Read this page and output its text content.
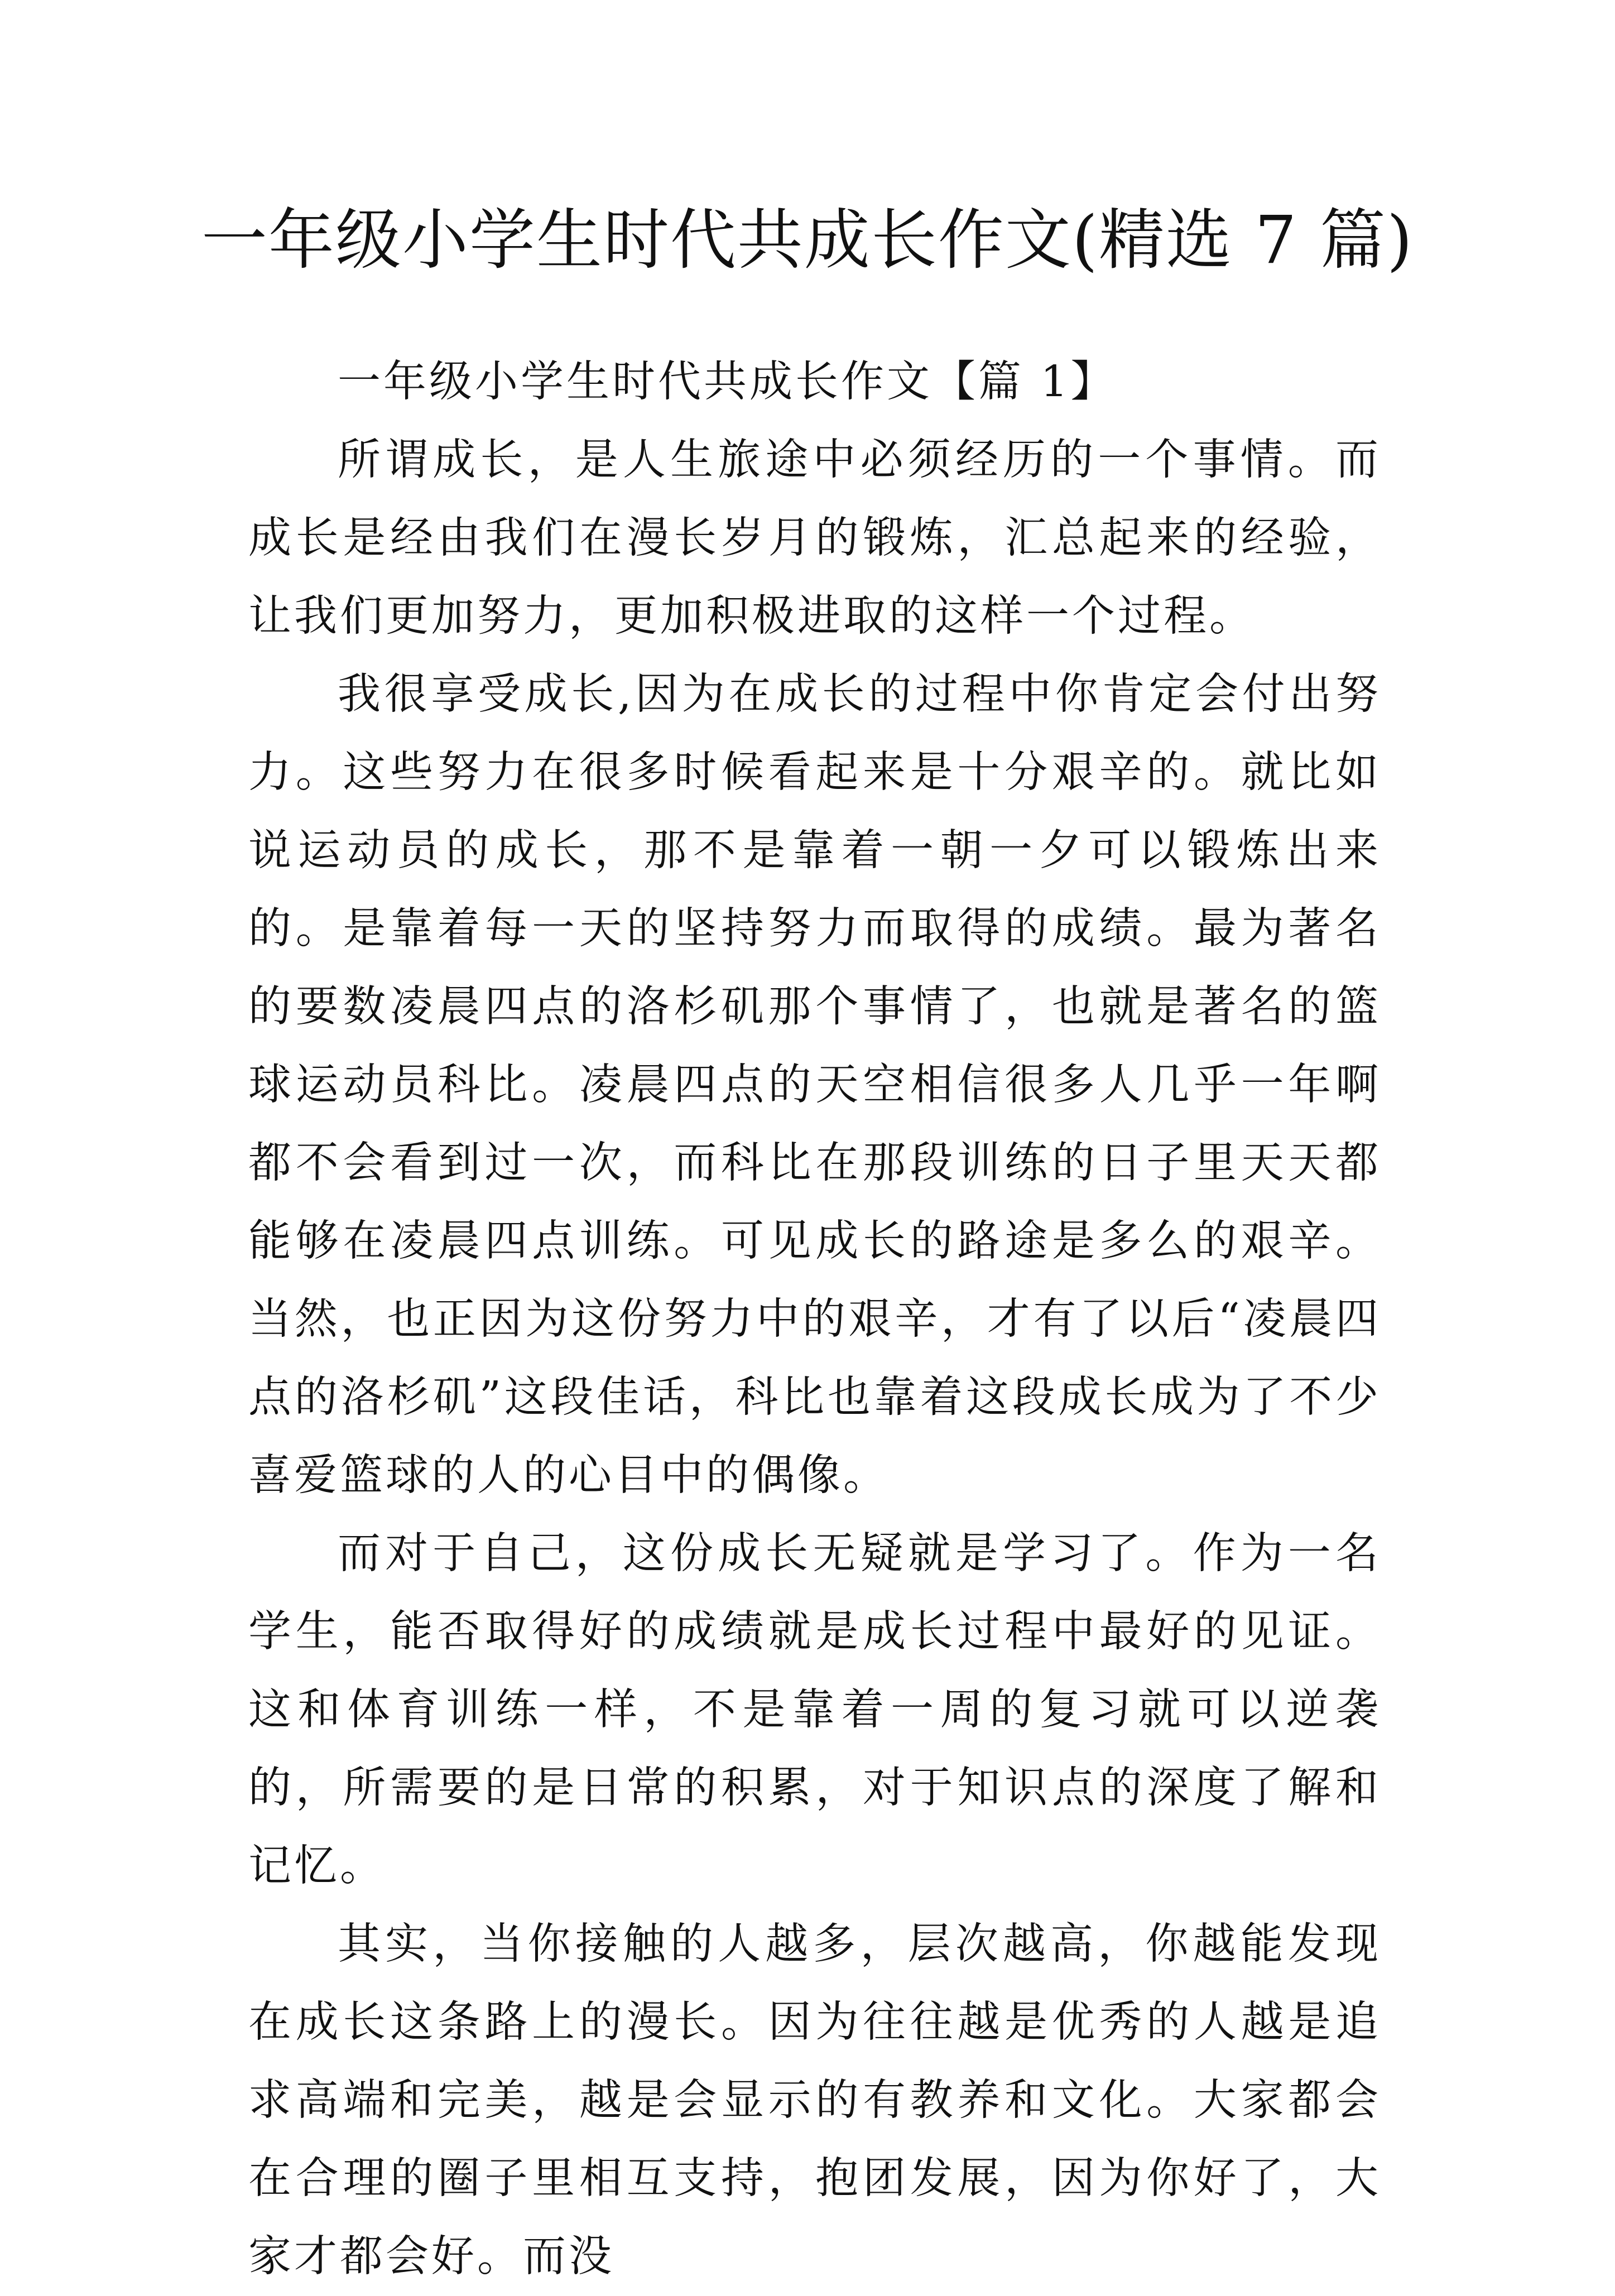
一年级小学生时代共成长作文(精选 7 篇)
一年级小学生时代共成长作文【篇 1】

所谓成长，是人生旅途中必须经历的一个事情。而成长是经由我们在漫长岁月的锻炼，汇总起来的经验，让我们更加努力，更加积极进取的这样一个过程。

我很享受成长,因为在成长的过程中你肯定会付出努力。这些努力在很多时候看起来是十分艰辛的。就比如说运动员的成长，那不是靠着一朝一夕可以锻炼出来的。是靠着每一天的坚持努力而取得的成绩。最为著名的要数凌晨四点的洛杉矶那个事情了，也就是著名的篮球运动员科比。凌晨四点的天空相信很多人几乎一年啊都不会看到过一次，而科比在那段训练的日子里天天都能够在凌晨四点训练。可见成长的路途是多么的艰辛。当然，也正因为这份努力中的艰辛，才有了以后“凌晨四点的洛杉矶”这段佳话，科比也靠着这段成长成为了不少喜爱篮球的人的心目中的偶像。

而对于自己，这份成长无疑就是学习了。作为一名学生，能否取得好的成绩就是成长过程中最好的见证。这和体育训练一样，不是靠着一周的复习就可以逆袭的，所需要的是日常的积累，对于知识点的深度了解和记忆。

其实，当你接触的人越多，层次越高，你越能发现在成长这条路上的漫长。因为往往越是优秀的人越是追求高端和完美，越是会显示的有教养和文化。大家都会在合理的圈子里相互支持，抱团发展，因为你好了，大家才都会好。而没
